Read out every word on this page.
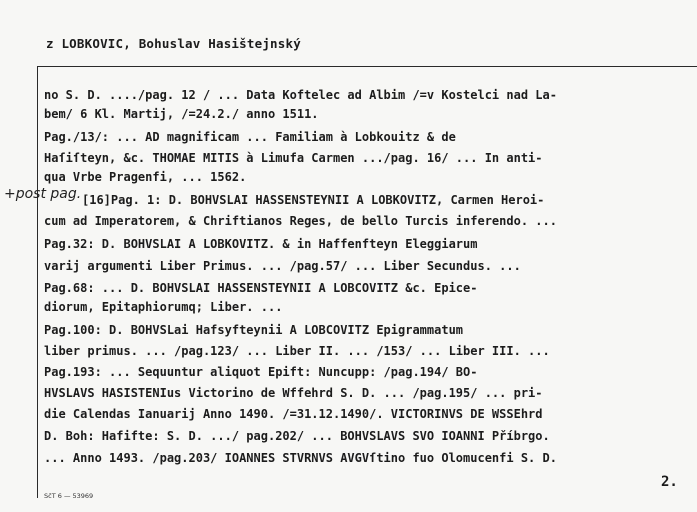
z LOBKOVIC, Bohuslav Hasištejnský
+post pag.
no S. D. ..../pag. 12 / ... Data Koftelec ad Albim /=v Kostelci nad La-
bem/ 6 Kl. Martij, /=24.2./ anno 1511.
Pag./13/: ... AD magnificam ... Familiam à Lobkouitz & de
Haſiſteyn, &c. THOMAE MITIS à Limufa Carmen .../pag. 16/ ... In anti-
qua Vrbe Pragenfi, ... 1562.
[16]Pag. 1: D. BOHVSLAI HASSENSTEYNII A LOBKOVITZ, Carmen Heroi-
cum ad Imperatorem, & Chriftianos Reges, de bello Turcis inferendo. ...
Pag.32: D. BOHVSLAI A LOBKOVITZ. & in Haffenfteyn Eleggiarum
varij argumenti Liber Primus. ... /pag.57/ ... Liber Secundus. ...
Pag.68: ... D. BOHVSLAI HASSENSTEYNII A LOBCOVITZ &c. Epice-
diorum, Epitaphiorumq; Liber. ...
Pag.100: D. BOHVSLai Hafsyfteynii A LOBCOVITZ Epigrammatum
liber primus. ... /pag.123/ ... Liber II. ... /153/ ... Liber III. ...
Pag.193: ... Sequuntur aliquot Epift: Nuncupp: /pag.194/ BO-
HVSLAVS HASISTENIus Victorino de Wffehrd S. D. ... /pag.195/ ... pri-
die Calendas Ianuarij Anno 1490. /=31.12.1490/. VICTORINVS DE WSSEhrd
D. Boh: Hafifte: S. D. .../ pag.202/ ... BOHVSLAVS SVO IOANNI Příbrgo.
... Anno 1493. /pag.203/ IOANNES STVRNVS AVGVſtino fuo Olomucenfi S. D.
2.
SčT 6 — 53969
